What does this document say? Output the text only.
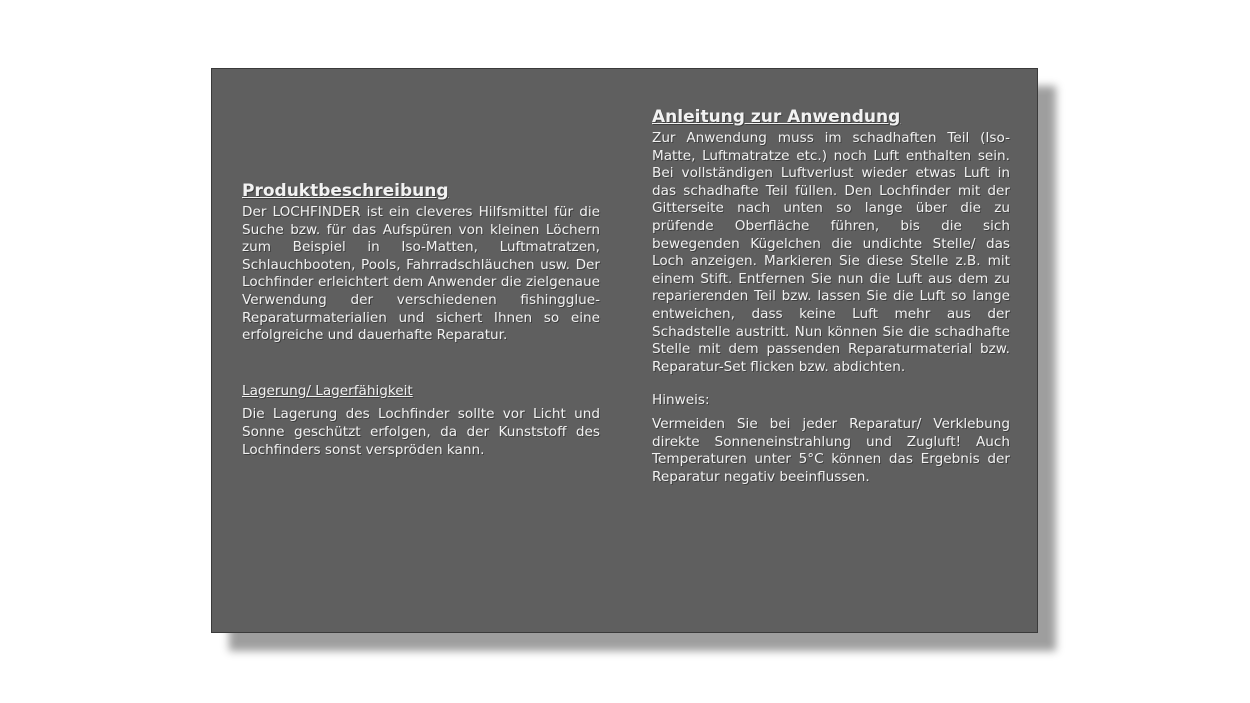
Produktbeschreibung

Der LOCHFINDER ist ein cleveres Hilfsmittel für die Suche bzw. für das Aufspüren von kleinen Löchern zum Beispiel in Iso-Matten, Luftmatratzen, Schlauchbooten, Pools, Fahrradschläuchen usw. Der Lochfinder erleichtert dem Anwender die zielgenaue Verwendung der verschiedenen fishingglue-Reparaturmaterialien und sichert Ihnen so eine erfolgreiche und dauerhafte Reparatur.

Lagerung/ Lagerfähigkeit

Die Lagerung des Lochfinder sollte vor Licht und Sonne geschützt erfolgen, da der Kunststoff des Lochfinders sonst verspröden kann.

Anleitung zur Anwendung

Zur Anwendung muss im schadhaften Teil (Iso-Matte, Luftmatratze etc.) noch Luft enthalten sein. Bei vollständigen Luftverlust wieder etwas Luft in das schadhafte Teil füllen. Den Lochfinder mit der Gitterseite nach unten so lange über die zu prüfende Oberfläche führen, bis die sich bewegenden Kügelchen die undichte Stelle/ das Loch anzeigen. Markieren Sie diese Stelle z.B. mit einem Stift. Entfernen Sie nun die Luft aus dem zu reparierenden Teil bzw. lassen Sie die Luft so lange entweichen, dass keine Luft mehr aus der Schadstelle austritt. Nun können Sie die schadhafte Stelle mit dem passenden Reparaturmaterial bzw. Reparatur-Set flicken bzw. abdichten.

Hinweis:

Vermeiden Sie bei jeder Reparatur/ Verklebung direkte Sonneneinstrahlung und Zugluft! Auch Temperaturen unter 5°C können das Ergebnis der Reparatur negativ beeinflussen.
